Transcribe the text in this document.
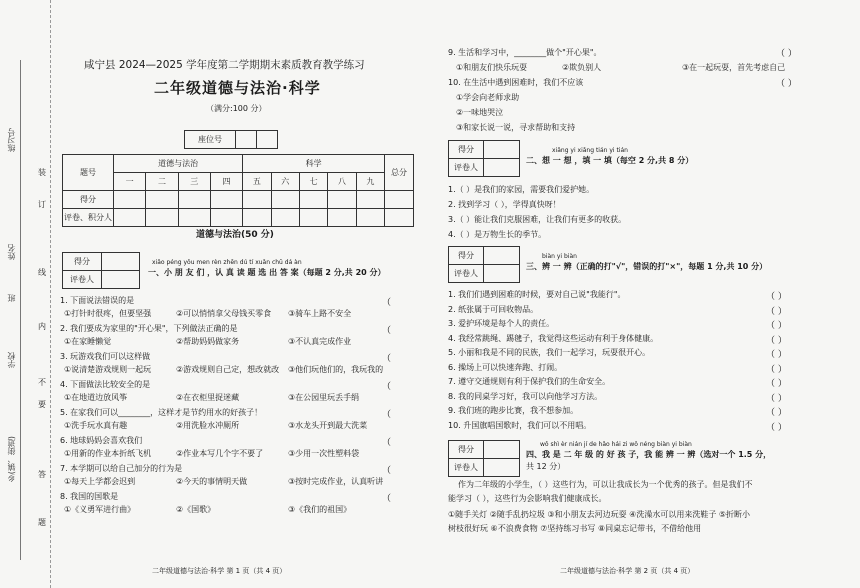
练习号
姓名
班
学校
乡(镇、街道)
装
订
线
内
不
要
答
题
咸宁县 2024—2025 学年度第二学期期末素质教育教学练习
二年级道德与法治·科学
（满分:100 分）
座位号		
题号	道德与法治				科学					总分
	一	二	三	四	五	六	七	八	九	
得分										
评卷、积分人										
道德与法治(50 分)
得分	
评卷人	
xiǎo péng yǒu men rèn zhēn dú tí xuǎn chū dá àn
一、小 朋 友 们 ，认 真 读 题 选 出 答 案（每题 2 分,共 20 分）
1. 下面说法错误的是	（
①打针时很疼，但要坚强	②可以悄悄拿父母钱买零食 ③骑车上路不安全
2. 我们要成为家里的"开心果"，下列做法正确的是	（
①在家睡懒觉	②帮助妈妈做家务	③不认真完成作业
3. 玩游戏我们可以这样做	（
①说清楚游戏规则一起玩	②游戏规则自己定，想改就改 ③他们玩他们的，我玩我的
4. 下面做法比较安全的是	（
①在地道边放风筝	②在衣柜里捉迷藏	③在公园里玩丢手绢
5. 在家我们可以________，这样才是节约用水的好孩子！	（
①洗手玩水真有趣	②用洗脸水冲厕所	③水龙头开到最大洗菜
6. 地球妈妈会喜欢我们	（
①用新的作业本折纸飞机	②作业本写几个字不要了	③少用一次性塑料袋
7. 本学期可以给自己加分的行为是	（
①每天上学都会迟到	②今天的事情明天做	③按时完成作业，认真听讲
8. 我国的国歌是	（
①《义勇军进行曲》	②《国歌》	③《我们的祖国》
二年级道德与法治·科学 第 1 页（共 4 页）
9. 生活和学习中，________做个"开心果"。	（ ）
①和朋友们快乐玩耍	②欺负别人	③在一起玩耍，首先考虑自己
10. 在生活中遇到困难时，我们不应该	（ ）
①学会向老师求助
②一味地哭泣
③和家长说一说，寻求帮助和支持
得分	
评卷人	
xiǎng yi xiǎng tián yi tián
二、想 一 想 ，填 一 填（每空 2 分,共 8 分）
1.（ ）是我们的家园，需要我们爱护她。
2. 找到学习（ ），学得真快呀！
3.（ ）能让我们克服困难，让我们有更多的收获。
4.（ ）是万物生长的季节。
得分	
评卷人	
biàn yi biàn
三、辨 一 辨（正确的打"√"，错误的打"×"，每题 1 分,共 10 分）
1. 我们们遇到困难的时候，要对自己说"我能行"。	（ ）
2. 纸张属于可回收物品。	（ ）
3. 爱护环境是每个人的责任。	（ ）
4. 我经常跳绳、踢毽子，我觉得这些运动有利于身体健康。	（ ）
5. 小丽和我是不同的民族，我们一起学习，玩耍很开心。	（ ）
6. 操场上可以快速奔跑、打闹。	（ ）
7. 遵守交通规则有利于保护我们的生命安全。	（ ）
8. 我的同桌学习好，我可以向他学习方法。	（ ）
9. 我们班的跑步比赛，我不想参加。	（ ）
10. 升国旗唱国歌时，我们可以不用唱。	（ ）
得分	
评卷人	
wǒ shì èr nián jí de hǎo hái zi wǒ néng biàn yi biàn
四、我 是 二 年 级 的 好 孩 子，我 能 辨 一 辨（选对一个 1.5 分，
共 12 分）
作为二年级的小学生，（ ）这些行为，可以让我成长为一个优秀的孩子。但是我们不
能学习（ ），这些行为会影响我们健康成长。
①随手关灯 ②随手乱扔垃圾 ③和小朋友去河边玩耍 ④洗澡水可以用来洗鞋子 ⑤折断小
树枝很好玩 ⑥不浪费食物 ⑦坚持练习书写 ⑧同桌忘记带书，不借给他用
二年级道德与法治·科学 第 2 页（共 4 页）
